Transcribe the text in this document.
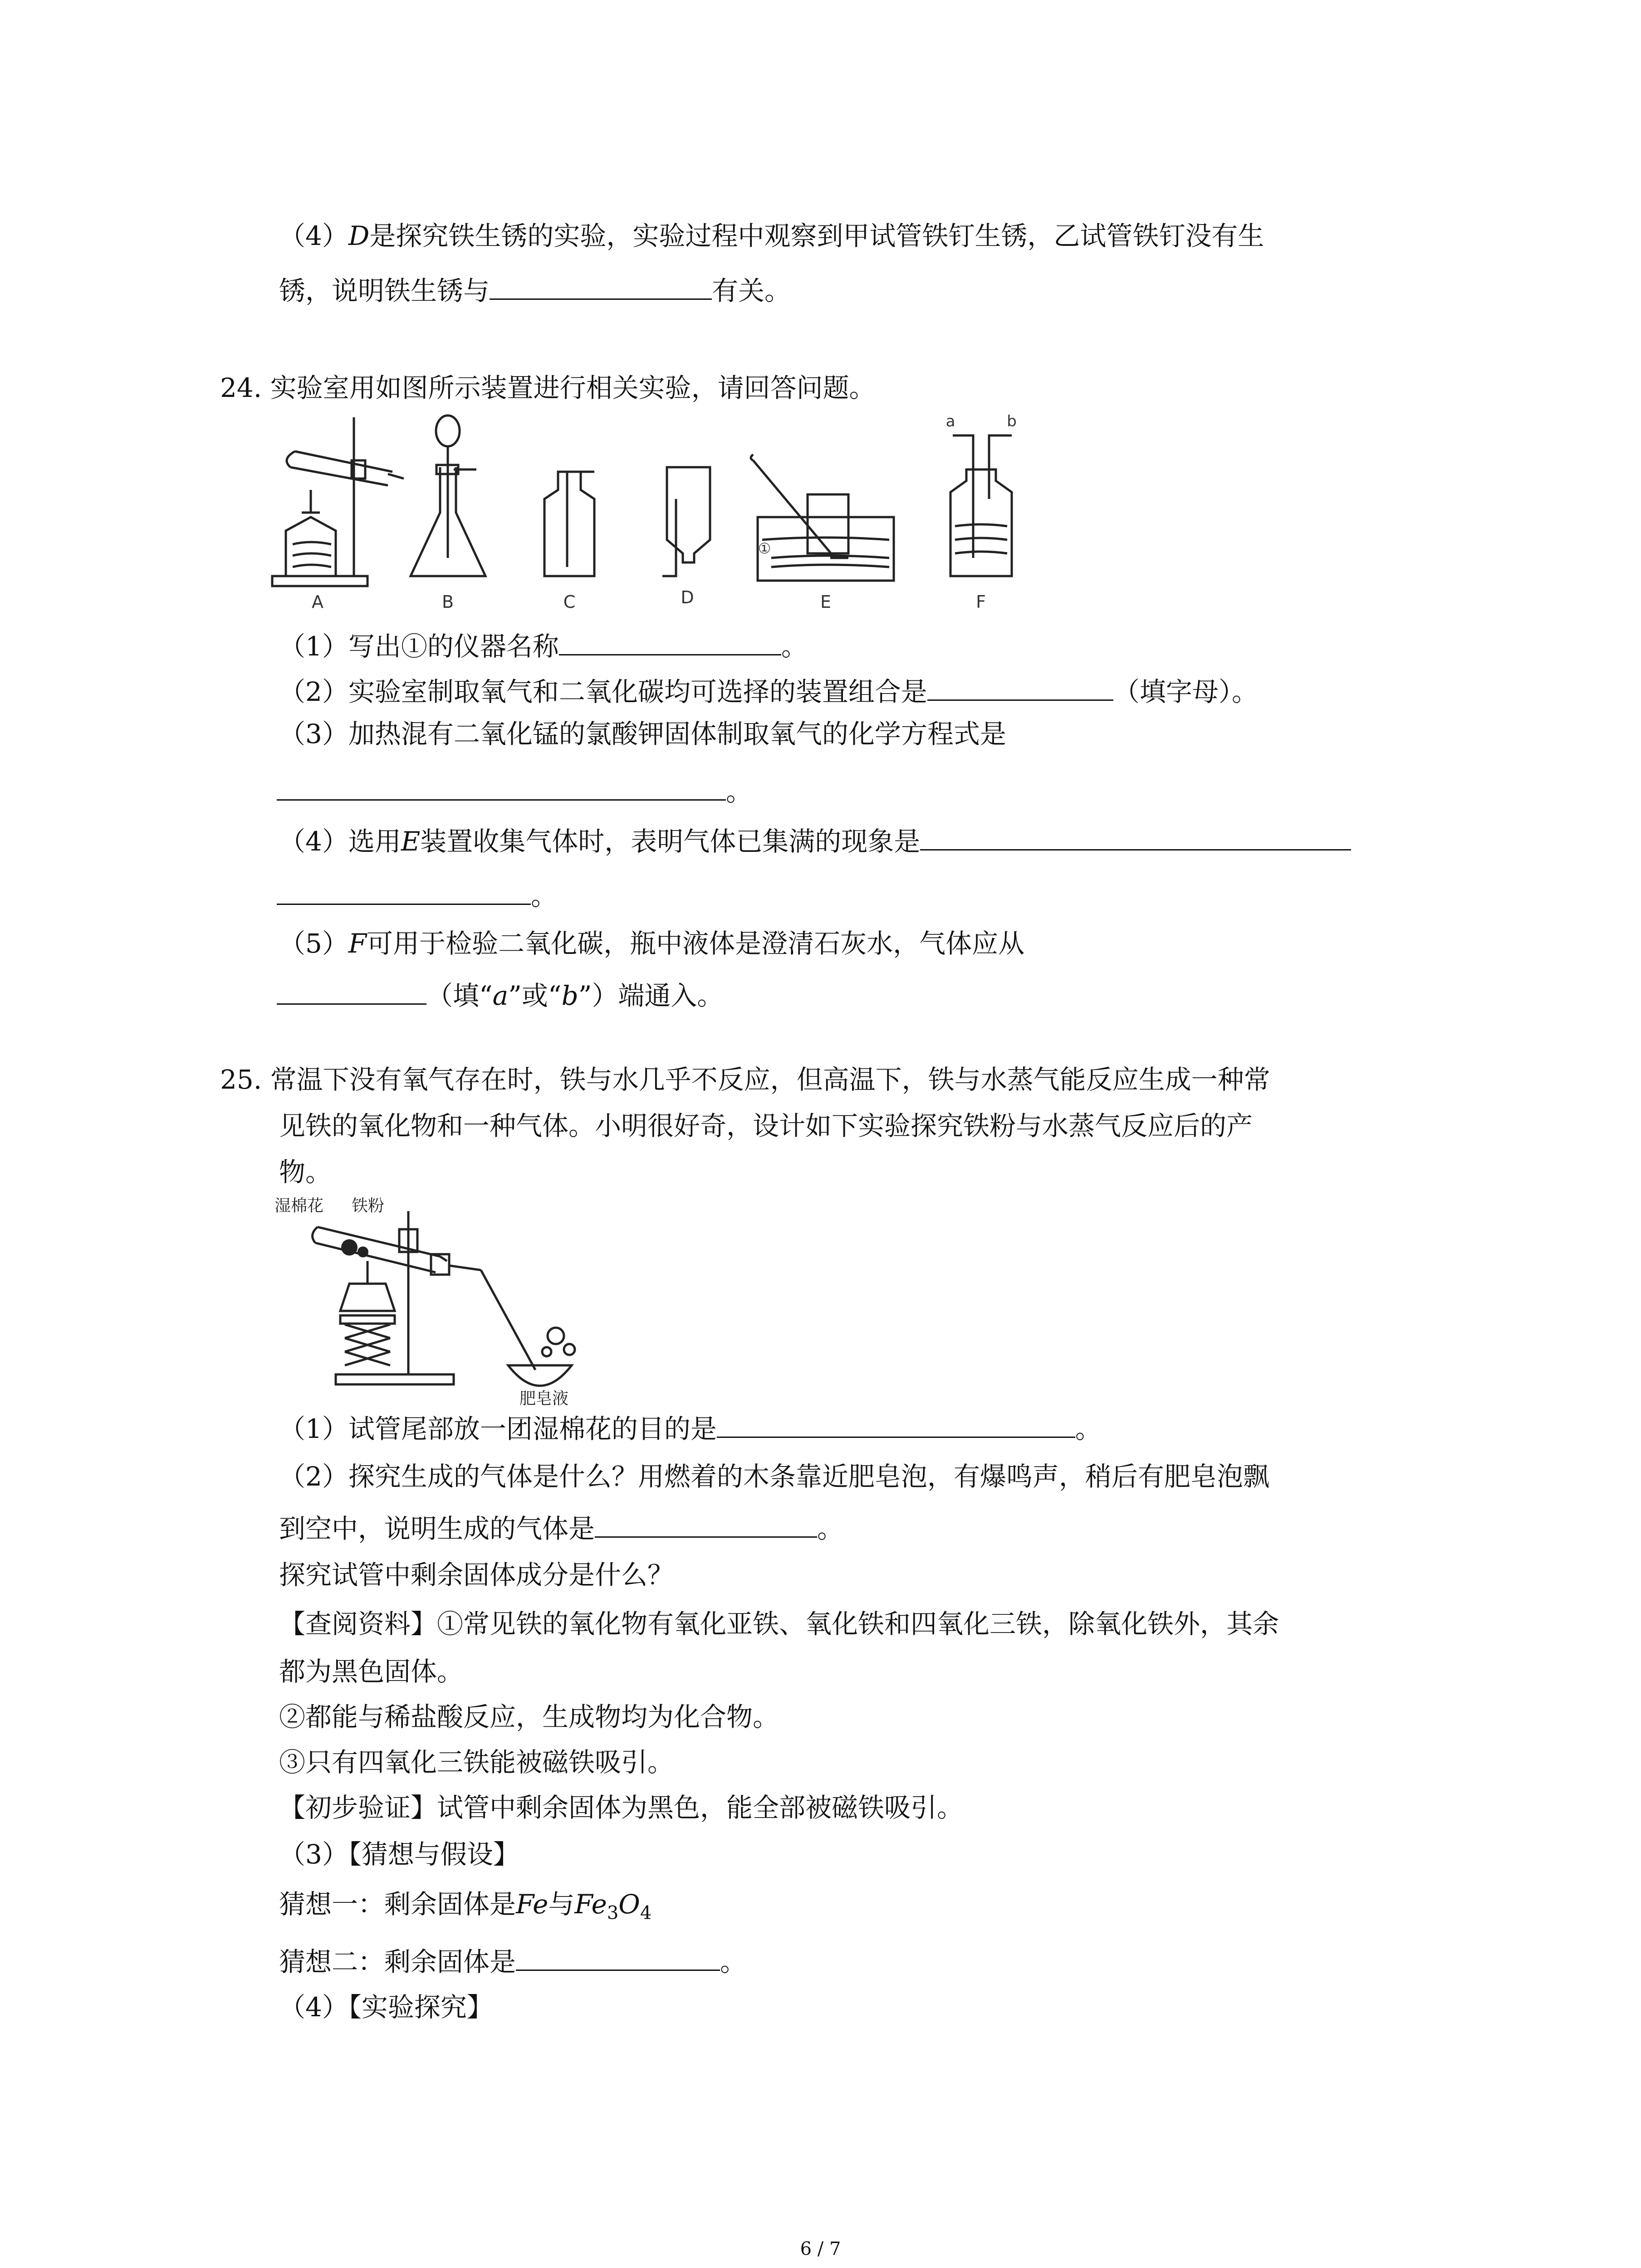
（4）D是探究铁生锈的实验，实验过程中观察到甲试管铁钉生锈，乙试管铁钉没有生
锈，说明铁生锈与	有关。
24. 实验室用如图所示装置进行相关实验，请回答问题。
A	B	C	D	E	F
①
a	b
（1）写出①的仪器名称	。
（2）实验室制取氧气和二氧化碳均可选择的装置组合是	（填字母）。
（3）加热混有二氧化锰的氯酸钾固体制取氧气的化学方程式是
。
（4）选用E装置收集气体时，表明气体已集满的现象是
。
（5）F可用于检验二氧化碳，瓶中液体是澄清石灰水，气体应从
（填“a”或“b”）端通入。
25. 常温下没有氧气存在时，铁与水几乎不反应，但高温下，铁与水蒸气能反应生成一种常
见铁的氧化物和一种气体。小明很好奇，设计如下实验探究铁粉与水蒸气反应后的产
物。
湿棉花 铁粉
肥皂液
（1）试管尾部放一团湿棉花的目的是	。
（2）探究生成的气体是什么？用燃着的木条靠近肥皂泡，有爆鸣声，稍后有肥皂泡飘
到空中，说明生成的气体是	。
探究试管中剩余固体成分是什么？
【查阅资料】①常见铁的氧化物有氧化亚铁、氧化铁和四氧化三铁，除氧化铁外，其余
都为黑色固体。
②都能与稀盐酸反应，生成物均为化合物。
③只有四氧化三铁能被磁铁吸引。
【初步验证】试管中剩余固体为黑色，能全部被磁铁吸引。
（3）【猜想与假设】
猜想一：剩余固体是Fe与$Fe_3O_4$
猜想二：剩余固体是	。
（4）【实验探究】
6 / 7
